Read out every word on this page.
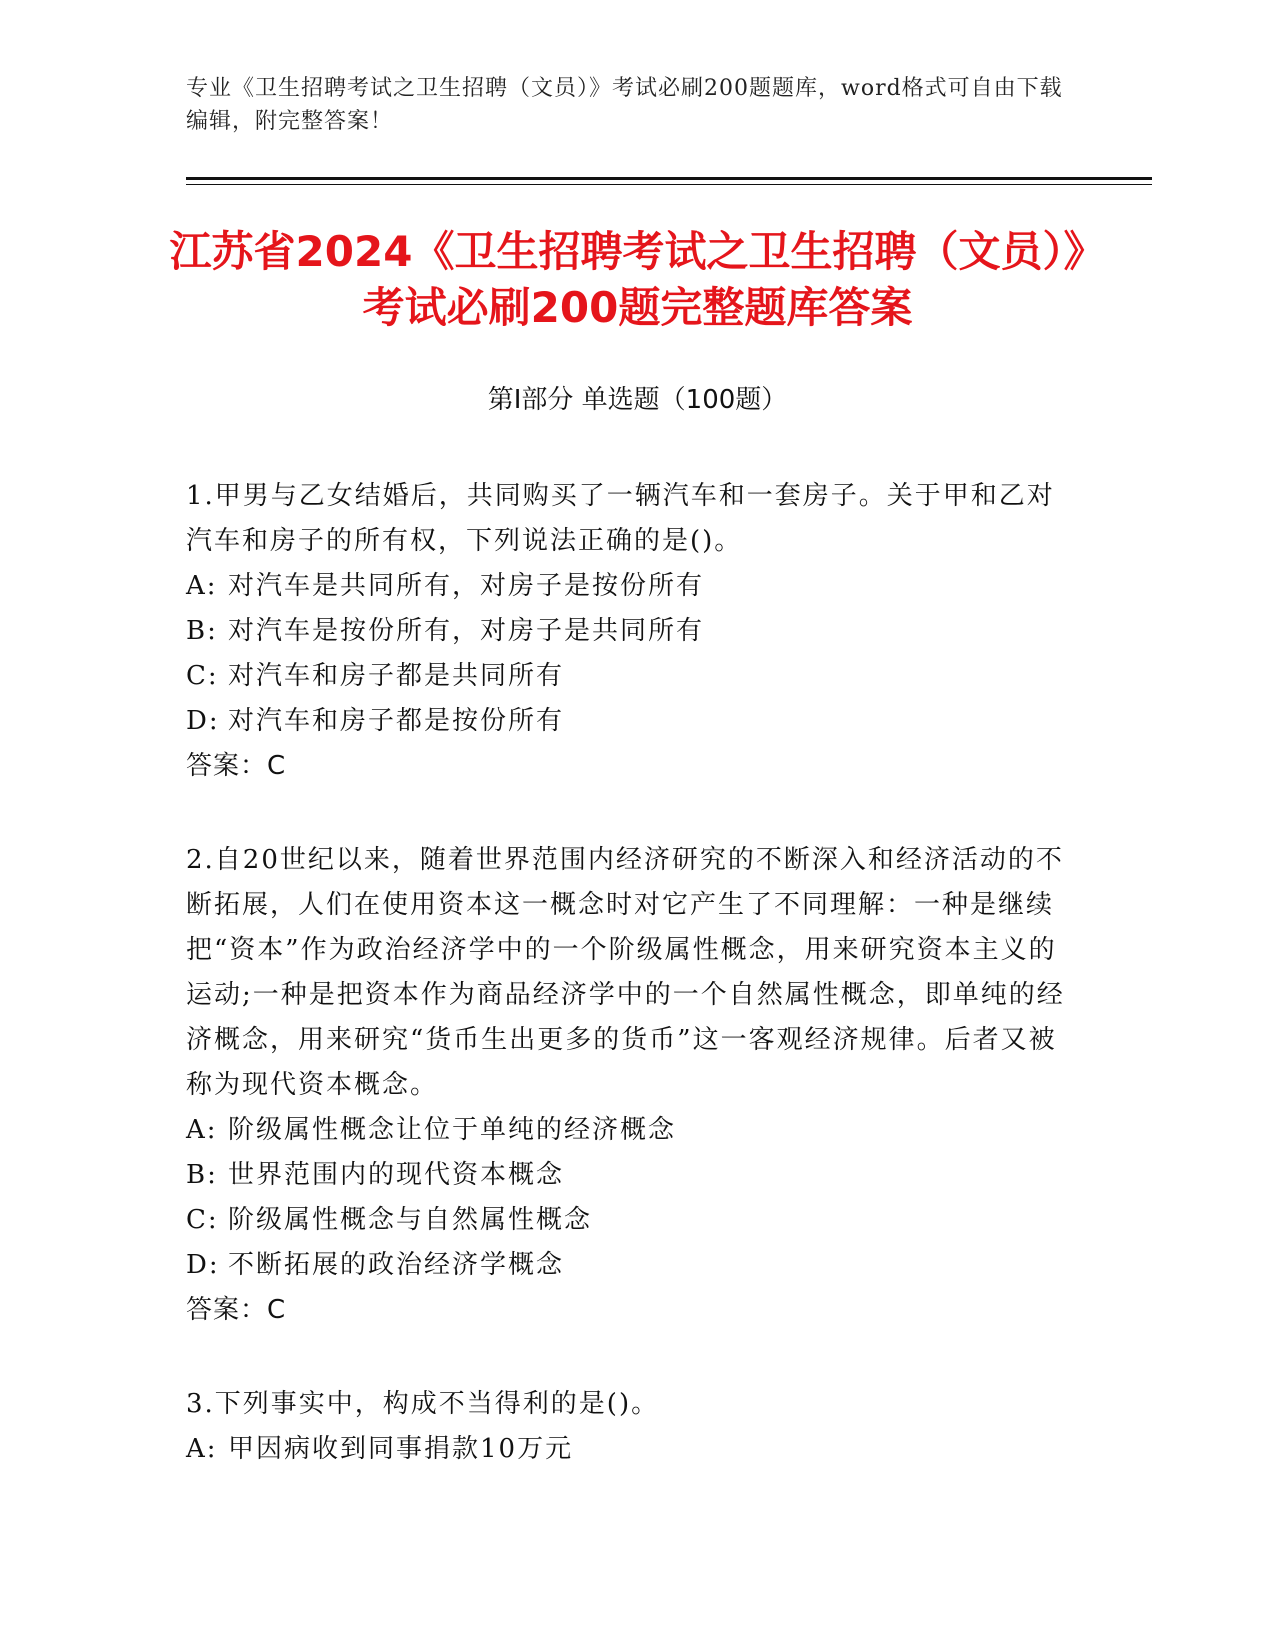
专业《卫生招聘考试之卫生招聘（文员）》考试必刷200题题库，word格式可自由下载编辑，附完整答案！
江苏省2024《卫生招聘考试之卫生招聘（文员）》考试必刷200题完整题库答案
第Ⅰ部分 单选题（100题）

1.甲男与乙女结婚后，共同购买了一辆汽车和一套房子。关于甲和乙对汽车和房子的所有权，下列说法正确的是()。

A: 对汽车是共同所有，对房子是按份所有
B: 对汽车是按份所有，对房子是共同所有
C: 对汽车和房子都是共同所有
D: 对汽车和房子都是按份所有

答案：C

2.自20世纪以来，随着世界范围内经济研究的不断深入和经济活动的不断拓展，人们在使用资本这一概念时对它产生了不同理解：一种是继续把“资本”作为政治经济学中的一个阶级属性概念，用来研究资本主义的运动;一种是把资本作为商品经济学中的一个自然属性概念，即单纯的经济概念，用来研究“货币生出更多的货币”这一客观经济规律。后者又被称为现代资本概念。

A: 阶级属性概念让位于单纯的经济概念
B: 世界范围内的现代资本概念
C: 阶级属性概念与自然属性概念
D: 不断拓展的政治经济学概念

答案：C

3.下列事实中，构成不当得利的是()。

A: 甲因病收到同事捐款10万元
